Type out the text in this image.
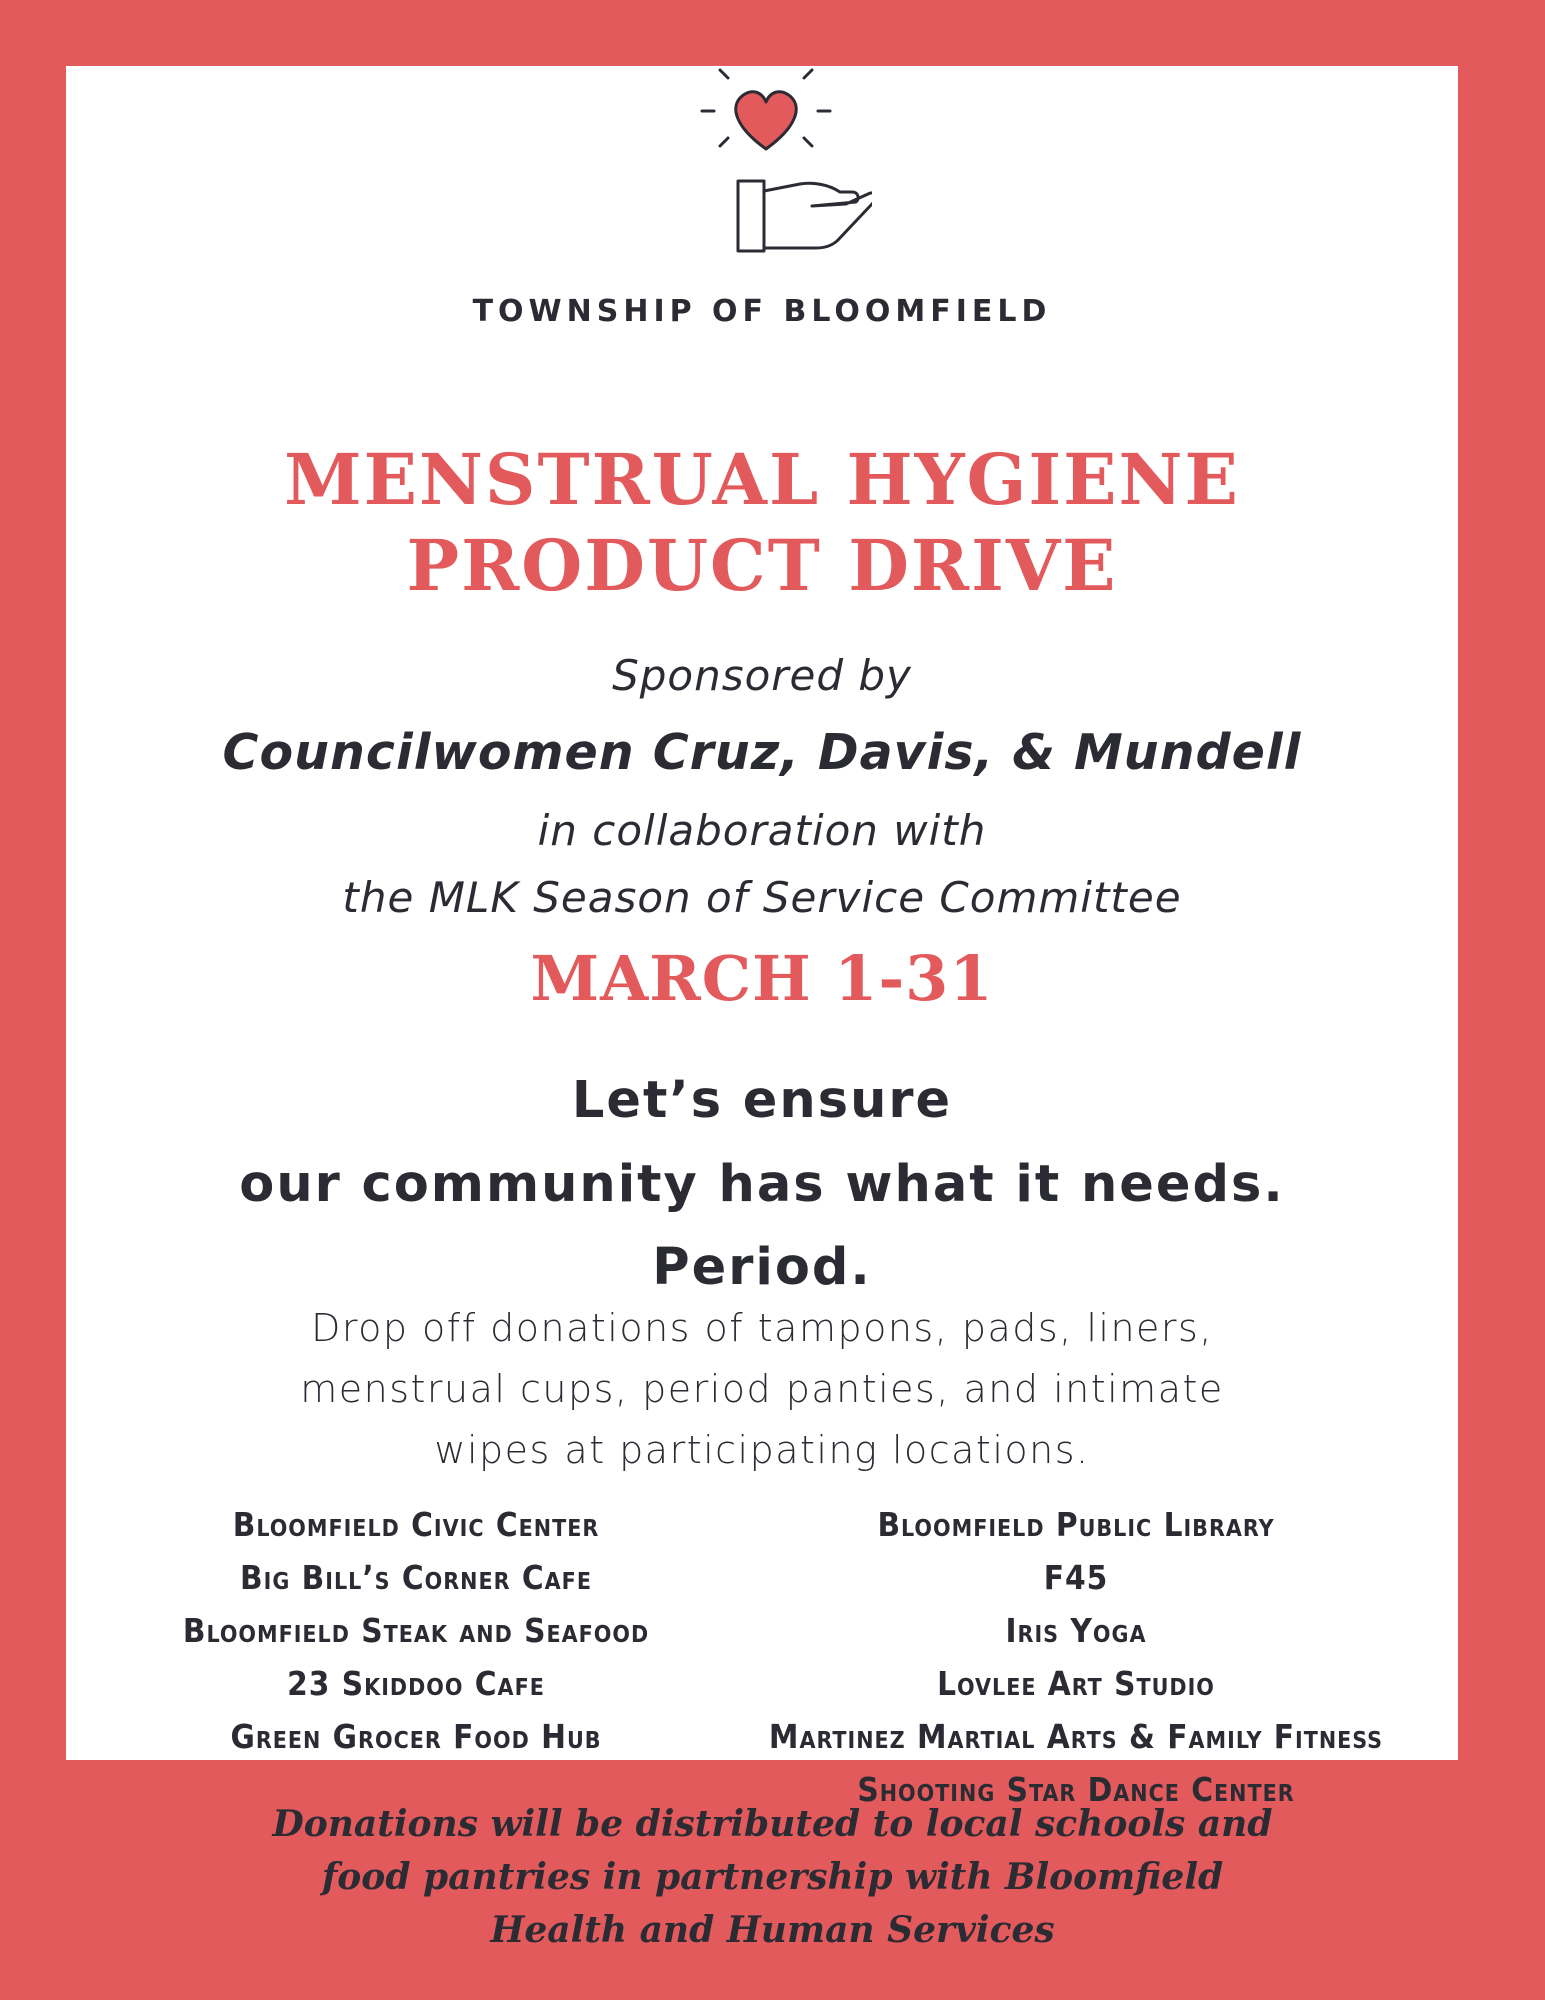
TOWNSHIP OF BLOOMFIELD
MENSTRUAL HYGIENE
PRODUCT DRIVE
Sponsored by
Councilwomen Cruz, Davis, & Mundell
in collaboration with
the MLK Season of Service Committee
MARCH 1-31
Let’s ensure
our community has what it needs.
Period.
Drop off donations of tampons, pads, liners,
menstrual cups, period panties, and intimate
wipes at participating locations.
Bloomfield Civic Center
Big Bill’s Corner Cafe
Bloomfield Steak and Seafood
23 Skiddoo Cafe
Green Grocer Food Hub
Bloomfield Public Library
F45
Iris Yoga
Lovlee Art Studio
Martinez Martial Arts & Family Fitness
Shooting Star Dance Center
Donations will be distributed to local schools and
food pantries in partnership with Bloomfield
Health and Human Services
